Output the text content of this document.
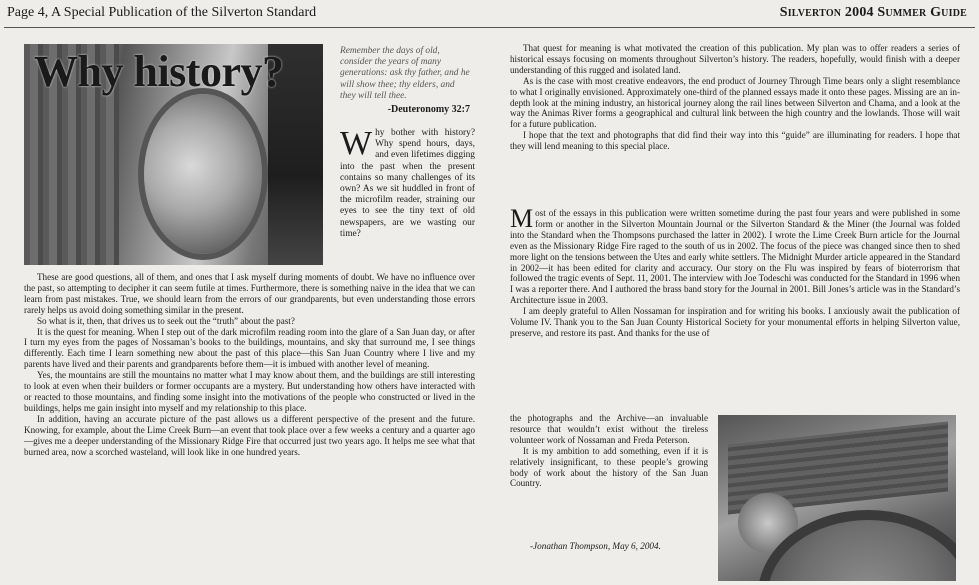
Page 4, A Special Publication of the Silverton Standard	Silverton 2004 Summer Guide
Why history?	Remember the days of old, consider the years of many generations: ask thy father, and he will show thee; thy elders, and they will tell thee.
-Deuteronomy 32:7

Why bother with history? Why spend hours, days, and even lifetimes digging into the past when the present contains so many challenges of its own? As we sit huddled in front of the microfilm reader, straining our eyes to see the tiny text of old newspapers, are we wasting our time?

These are good questions, all of them, and ones that I ask myself during moments of doubt. We have no influence over the past, so attempting to decipher it can seem futile at times. Furthermore, there is something naive in the idea that we can learn from past mistakes. True, we should learn from the errors of our grandparents, but even understanding those errors rarely helps us avoid doing something similar in the present.

So what is it, then, that drives us to seek out the “truth” about the past?

It is the quest for meaning. When I step out of the dark microfilm reading room into the glare of a San Juan day, or after I turn my eyes from the pages of Nossaman’s books to the buildings, mountains, and sky that surround me, I see things differently. Each time I learn something new about the past of this place—this San Juan Country where I live and my parents have lived and their parents and grandparents before them—it is imbued with another level of meaning.

Yes, the mountains are still the mountains no matter what I may know about them, and the buildings are still interesting to look at even when their builders or former occupants are a mystery. But understanding how others have interacted with or reacted to those mountains, and finding some insight into the motivations of the people who constructed or lived in the buildings, helps me gain insight into myself and my relationship to this place.

In addition, having an accurate picture of the past allows us a different perspective of the present and the future. Knowing, for example, about the Lime Creek Burn—an event that took place over a few weeks a century and a quarter ago—gives me a deeper understanding of the Missionary Ridge Fire that occurred just two years ago. It helps me see what that burned area, now a scorched wasteland, will look like in one hundred years.

That quest for meaning is what motivated the creation of this publication. My plan was to offer readers a series of historical essays focusing on moments throughout Silverton’s history. The readers, hopefully, would finish with a deeper understanding of this rugged and isolated land.

As is the case with most creative endeavors, the end product of Journey Through Time bears only a slight resemblance to what I originally envisioned. Approximately one-third of the planned essays made it onto these pages. Missing are an in-depth look at the mining industry, an historical journey along the rail lines between Silverton and Chama, and a look at the way the Animas River forms a geographical and cultural link between the high country and the lowlands. Those will wait for a future publication.

I hope that the text and photographs that did find their way into this “guide” are illuminating for readers. I hope that they will lend meaning to this special place.

Most of the essays in this publication were written sometime during the past four years and were published in some form or another in the Silverton Mountain Journal or the Silverton Standard & the Miner (the Journal was folded into the Standard when the Thompsons purchased the latter in 2002). I wrote the Lime Creek Burn article for the Journal even as the Missionary Ridge Fire raged to the south of us in 2002. The focus of the piece was changed since then to shed more light on the tensions between the Utes and early white settlers. The Midnight Murder article appeared in the Standard in 2002—it has been edited for clarity and accuracy. Our story on the Flu was inspired by fears of bioterrorism that followed the tragic events of Sept. 11, 2001. The interview with Joe Todeschi was conducted for the Standard in 1996 when I was a reporter there. And I authored the brass band story for the Journal in 2001. Bill Jones’s article was in the Standard’s Architecture issue in 2003.

I am deeply grateful to Allen Nossaman for inspiration and for writing his books. I anxiously await the publication of Volume IV. Thank you to the San Juan County Historical Society for your monumental efforts in helping Silverton value, preserve, and restore its past. And thanks for the use of

the photographs and the Archive—an invaluable resource that wouldn’t exist without the tireless volunteer work of Nossaman and Freda Peterson.

It is my ambition to add something, even if it is relatively insignificant, to these people’s growing body of work about the history of the San Juan Country.

-Jonathan Thompson, May 6, 2004.
